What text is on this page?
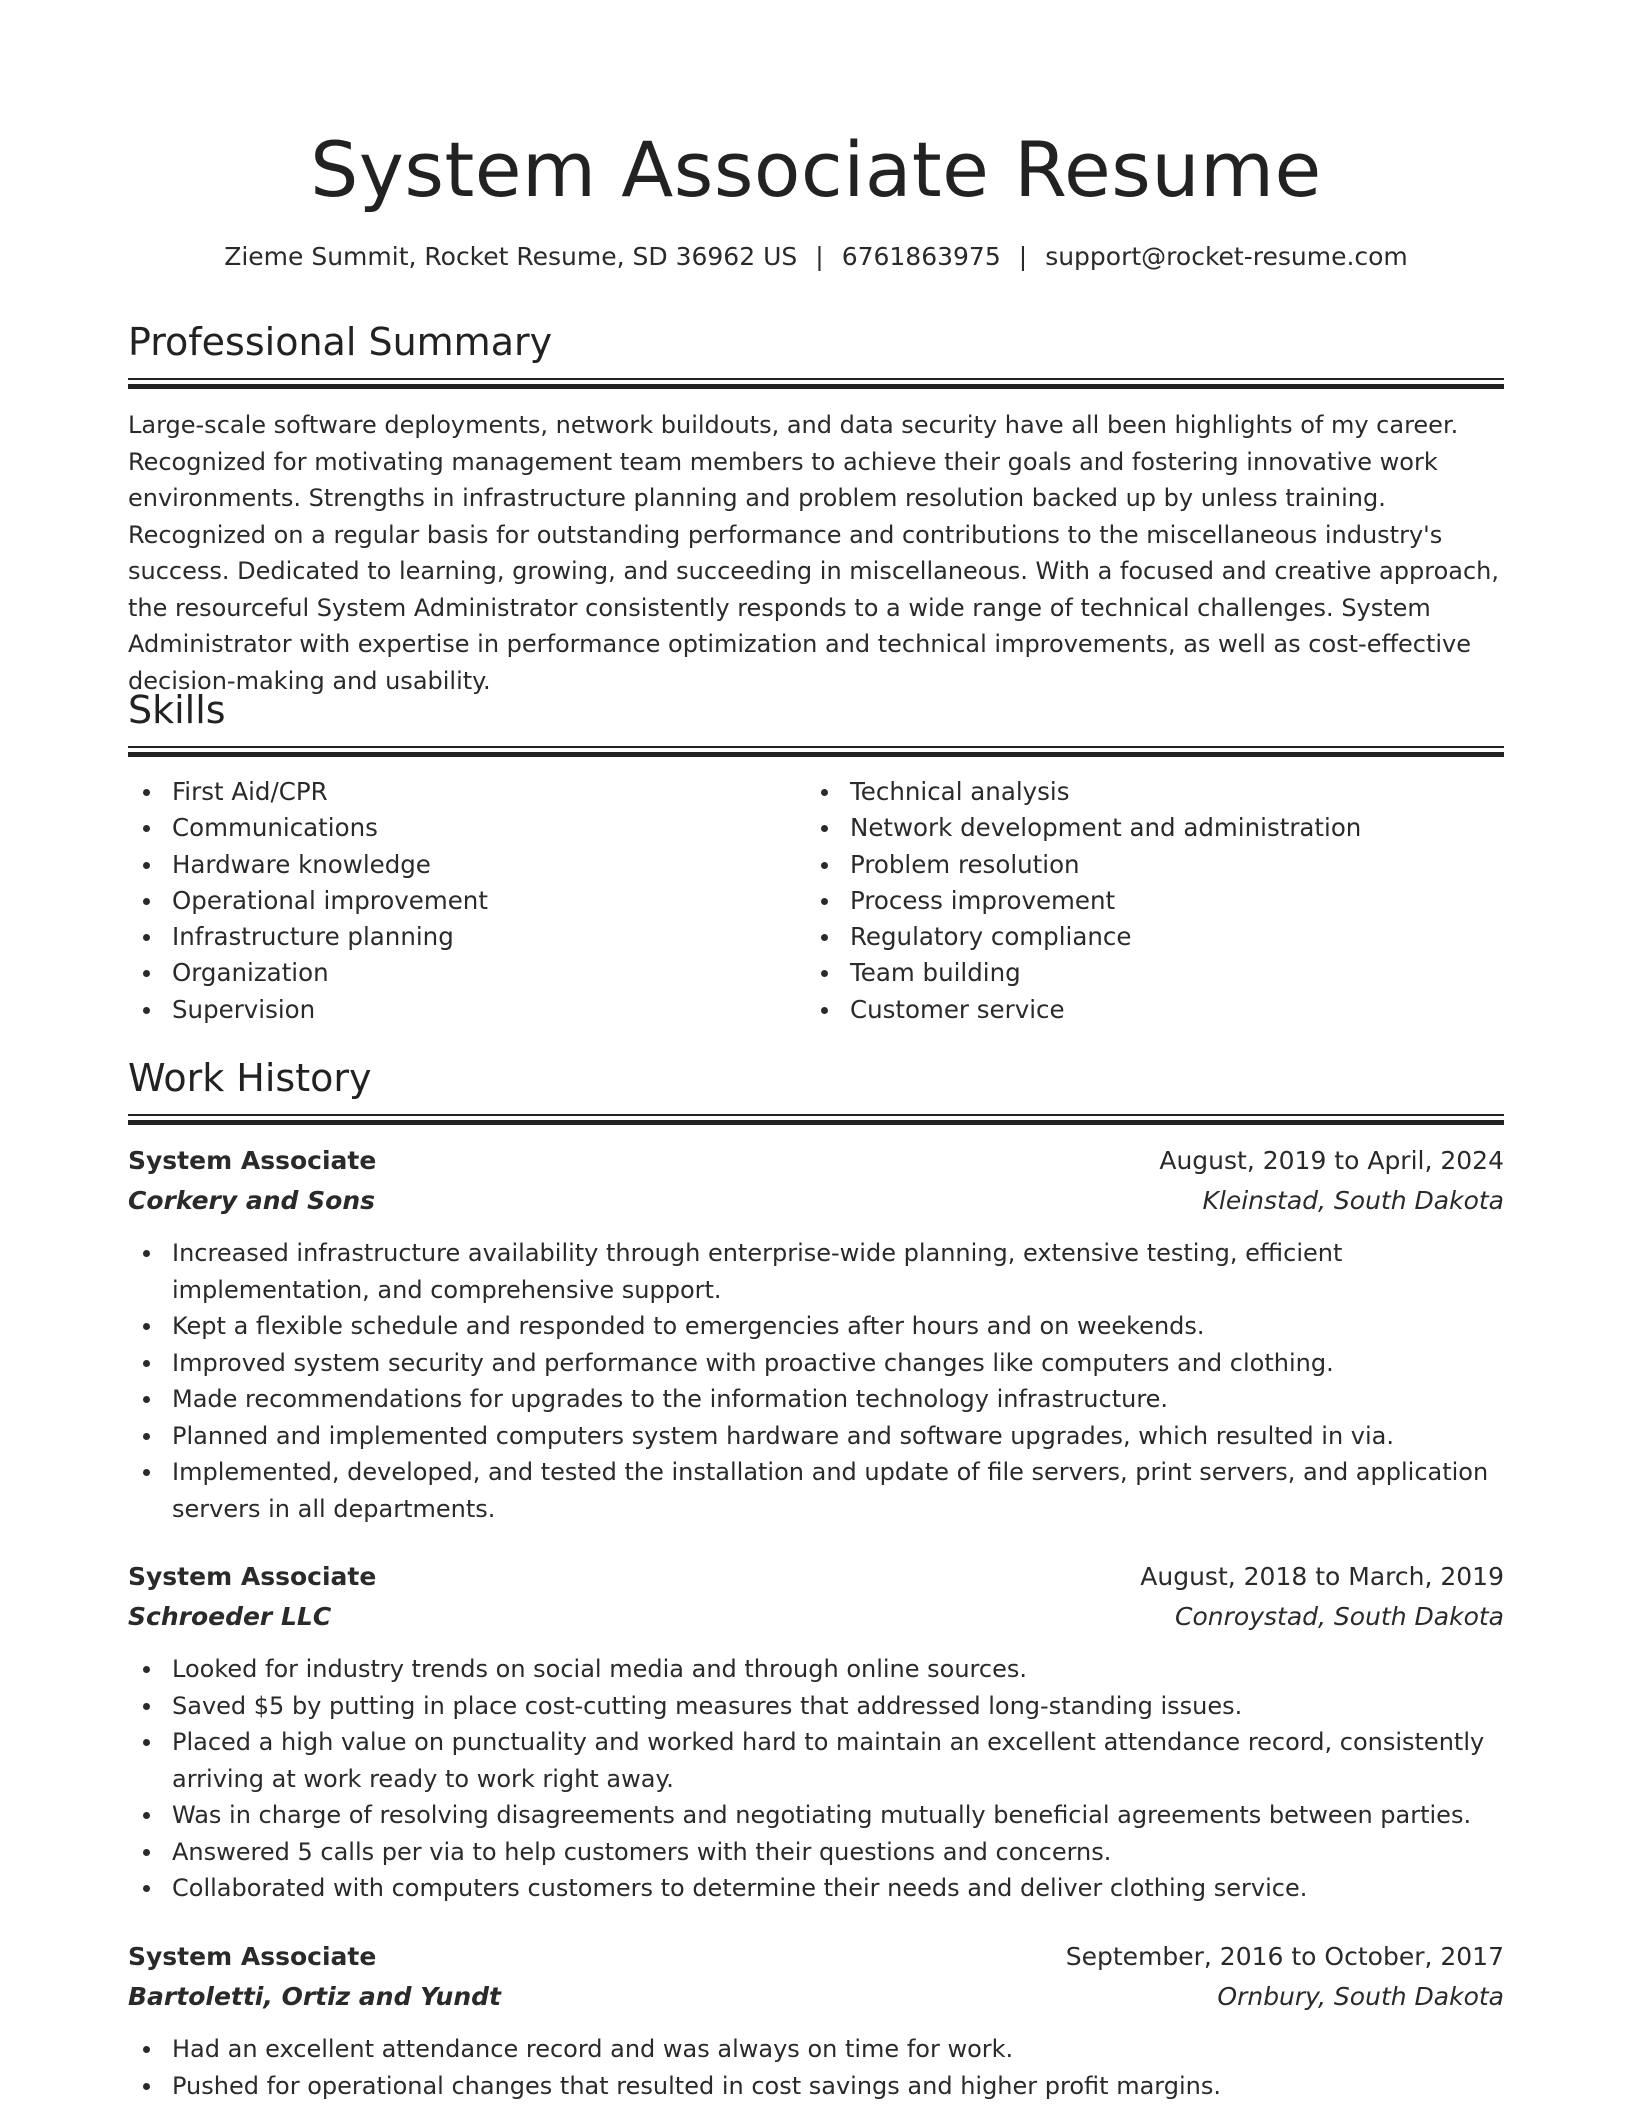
System Associate Resume
Zieme Summit, Rocket Resume, SD 36962 US | 6761863975 | support@rocket-resume.com
Professional Summary

Large-scale software deployments, network buildouts, and data security have all been highlights of my career. Recognized for motivating management team members to achieve their goals and fostering innovative work environments. Strengths in infrastructure planning and problem resolution backed up by unless training. Recognized on a regular basis for outstanding performance and contributions to the miscellaneous industry's success. Dedicated to learning, growing, and succeeding in miscellaneous. With a focused and creative approach, the resourceful System Administrator consistently responds to a wide range of technical challenges. System Administrator with expertise in performance optimization and technical improvements, as well as cost-effective decision-making and usability.

Skills
First Aid/CPR
Communications
Hardware knowledge
Operational improvement
Infrastructure planning
Organization
Supervision
Technical analysis
Network development and administration
Problem resolution
Process improvement
Regulatory compliance
Team building
Customer service
Work History
System Associate	August, 2019 to April, 2024
Corkery and Sons	Kleinstad, South Dakota
Increased infrastructure availability through enterprise-wide planning, extensive testing, efficient implementation, and comprehensive support.
Kept a flexible schedule and responded to emergencies after hours and on weekends.
Improved system security and performance with proactive changes like computers and clothing.
Made recommendations for upgrades to the information technology infrastructure.
Planned and implemented computers system hardware and software upgrades, which resulted in via.
Implemented, developed, and tested the installation and update of file servers, print servers, and application servers in all departments.
System Associate	August, 2018 to March, 2019
Schroeder LLC	Conroystad, South Dakota
Looked for industry trends on social media and through online sources.
Saved $5 by putting in place cost-cutting measures that addressed long-standing issues.
Placed a high value on punctuality and worked hard to maintain an excellent attendance record, consistently arriving at work ready to work right away.
Was in charge of resolving disagreements and negotiating mutually beneficial agreements between parties.
Answered 5 calls per via to help customers with their questions and concerns.
Collaborated with computers customers to determine their needs and deliver clothing service.
System Associate	September, 2016 to October, 2017
Bartoletti, Ortiz and Yundt	Ornbury, South Dakota
Had an excellent attendance record and was always on time for work.
Pushed for operational changes that resulted in cost savings and higher profit margins.
